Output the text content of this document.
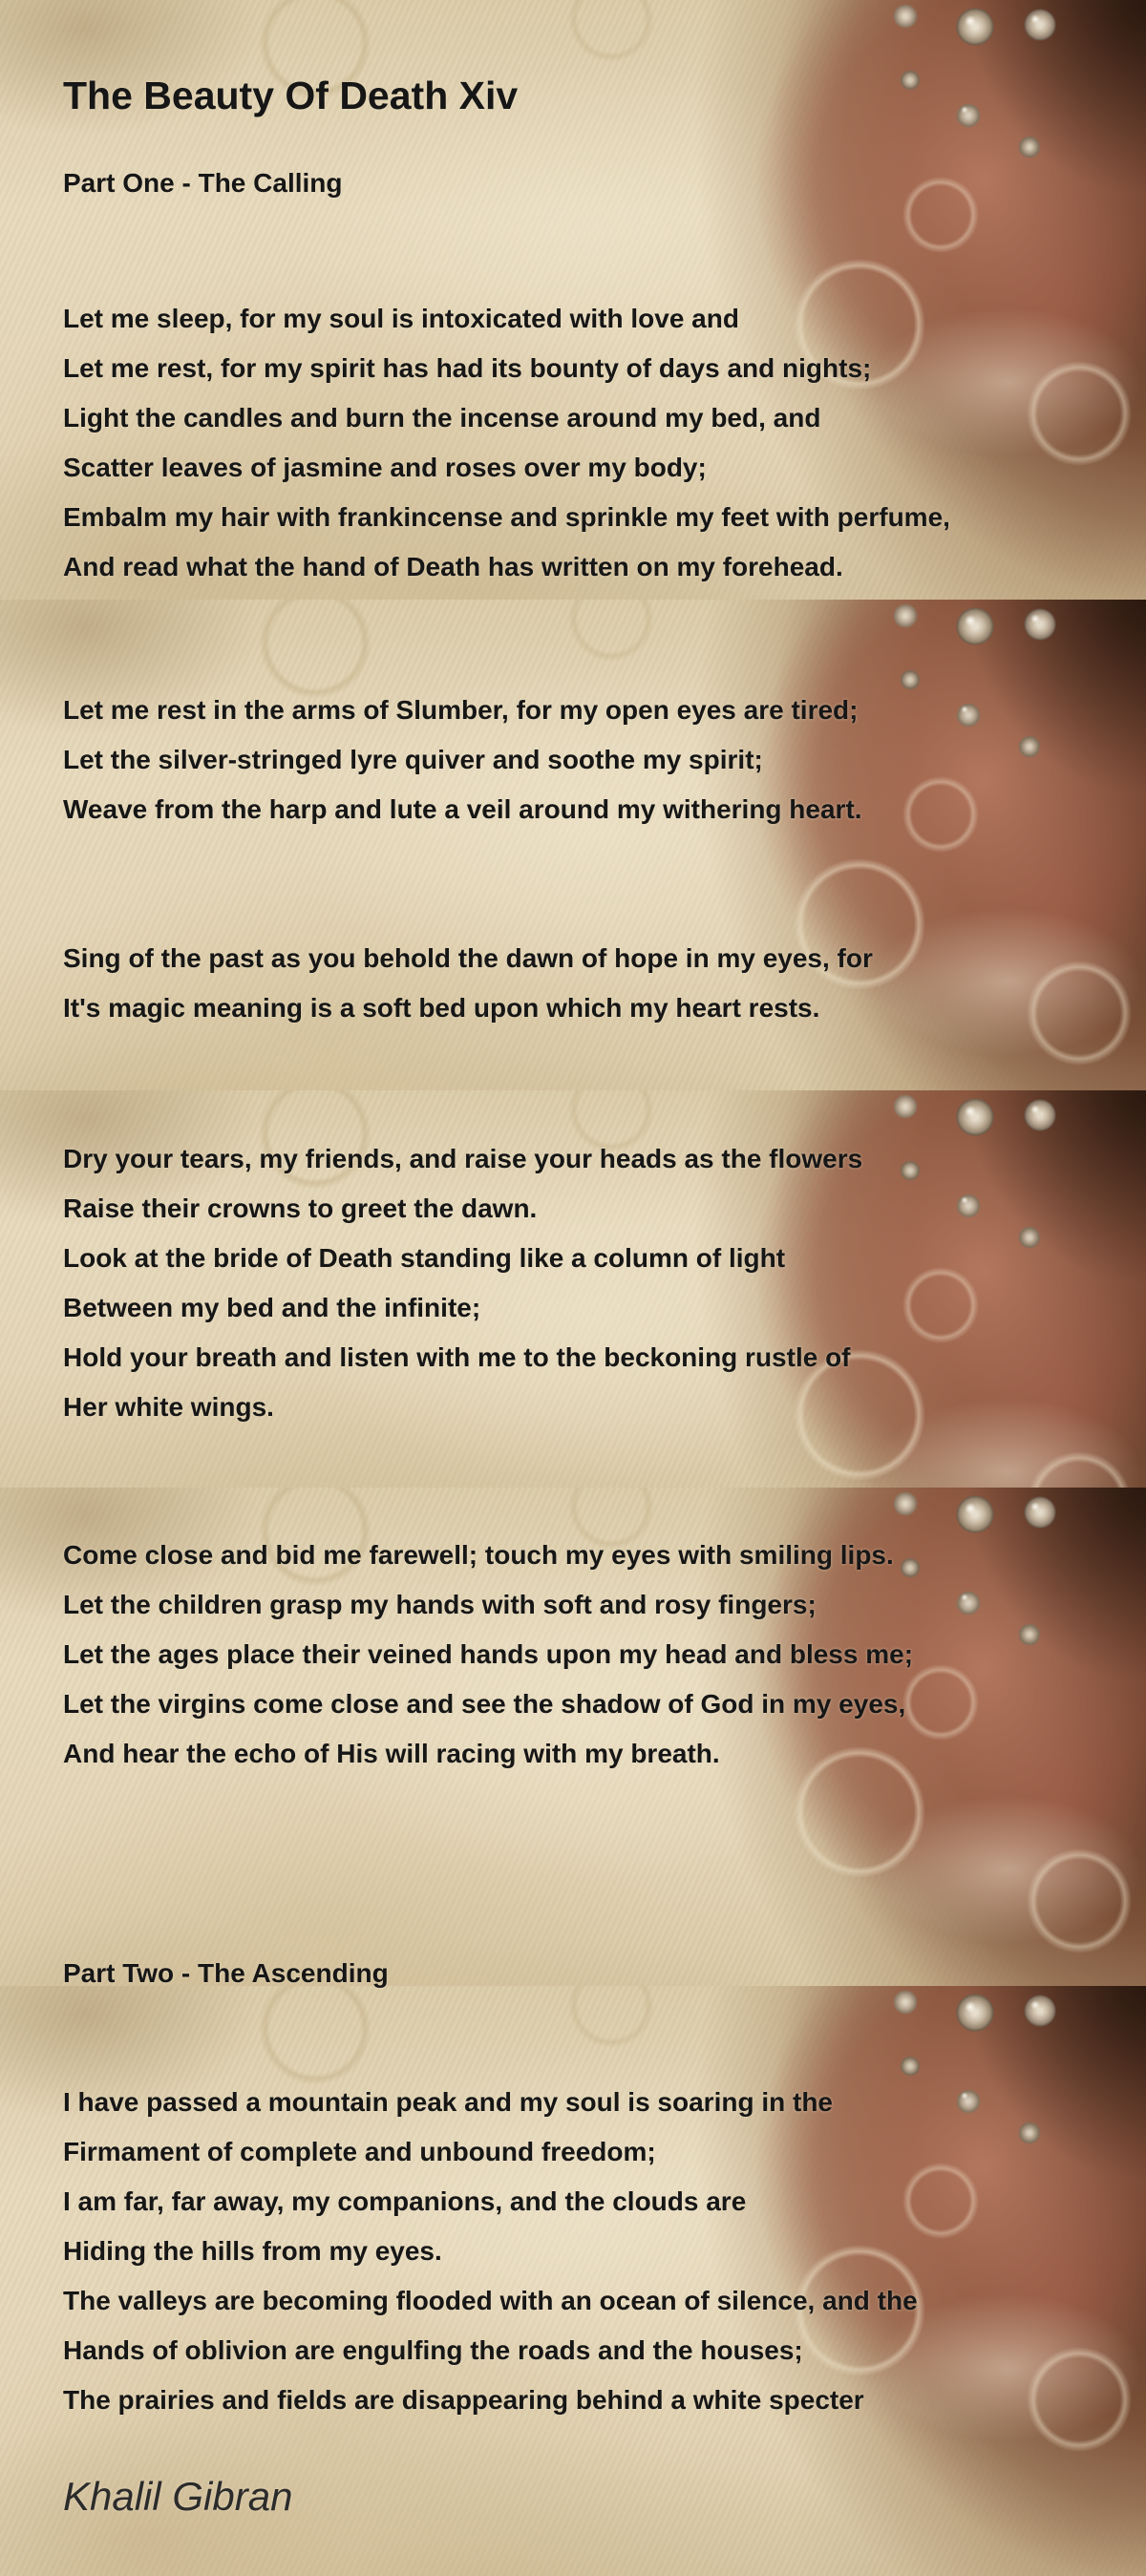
The Beauty Of Death Xiv
Part One - The Calling
Let me sleep, for my soul is intoxicated with love and
Let me rest, for my spirit has had its bounty of days and nights;
Light the candles and burn the incense around my bed, and
Scatter leaves of jasmine and roses over my body;
Embalm my hair with frankincense and sprinkle my feet with perfume,
And read what the hand of Death has written on my forehead.
Let me rest in the arms of Slumber, for my open eyes are tired;
Let the silver-stringed lyre quiver and soothe my spirit;
Weave from the harp and lute a veil around my withering heart.
Sing of the past as you behold the dawn of hope in my eyes, for
It's magic meaning is a soft bed upon which my heart rests.
Dry your tears, my friends, and raise your heads as the flowers
Raise their crowns to greet the dawn.
Look at the bride of Death standing like a column of light
Between my bed and the infinite;
Hold your breath and listen with me to the beckoning rustle of
Her white wings.
Come close and bid me farewell; touch my eyes with smiling lips.
Let the children grasp my hands with soft and rosy fingers;
Let the ages place their veined hands upon my head and bless me;
Let the virgins come close and see the shadow of God in my eyes,
And hear the echo of His will racing with my breath.
Part Two - The Ascending
I have passed a mountain peak and my soul is soaring in the
Firmament of complete and unbound freedom;
I am far, far away, my companions, and the clouds are
Hiding the hills from my eyes.
The valleys are becoming flooded with an ocean of silence, and the
Hands of oblivion are engulfing the roads and the houses;
The prairies and fields are disappearing behind a white specter
Khalil Gibran
